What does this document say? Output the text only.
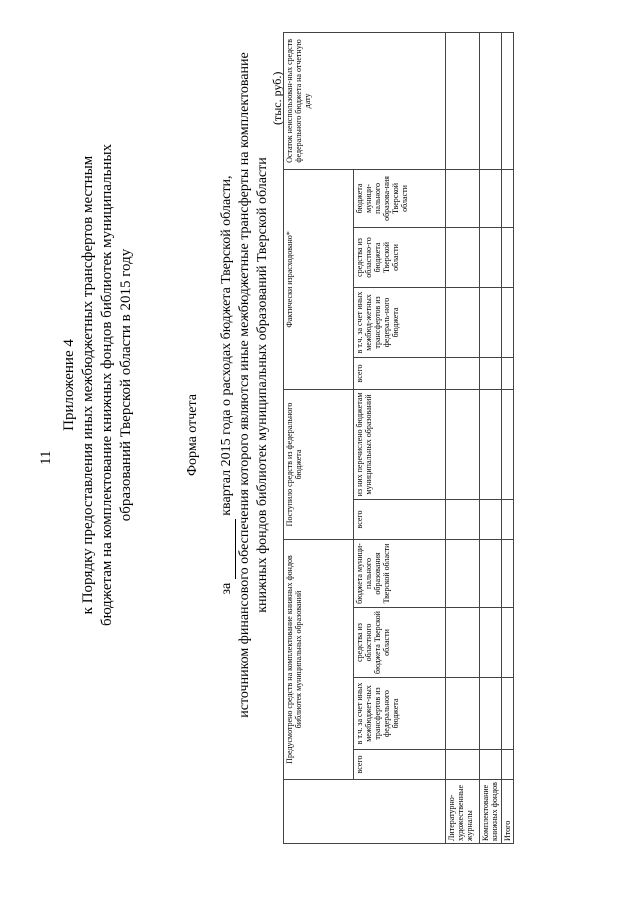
11
Приложение 4 к Порядку предоставления иных межбюджетных трансфертов местным бюджетам на комплектование книжных фондов библиотек муниципальных образований Тверской области в 2015 году	Форма отчета
за  квартал 2015 года о расходах бюджета Тверской области, источником финансового обеспечения которого являются иные межбюджетные трансферты на комплектование книжных фондов библиотек муниципальных образований Тверской области
(тыс. руб.)
	Предусмотрено средств на комплектование книжных фондов библиотек муниципальных образований				Поступило средств из федерального бюджета		Фактически израсходовано*				Остаток неиспользован-ных средств федерального бюджета на отчетную дату
	всего	в т.ч. за счет иных межбюджет-ных трансфертов из федерального бюджета	средства из областного бюджета Тверской области	бюджета муници-пального образования Тверской области	всего	из них перечислено бюджетам муниципальных образований	всего	в т.ч. за счет иных межбюд-жетных трансфертов из федераль-ного бюджета	средства из областно-го бюджета Тверской области	бюджета муници-пального образова-ния Тверской области	
Литературно-художественные журналы											
Комплектование книжных фондов											
Итого											
